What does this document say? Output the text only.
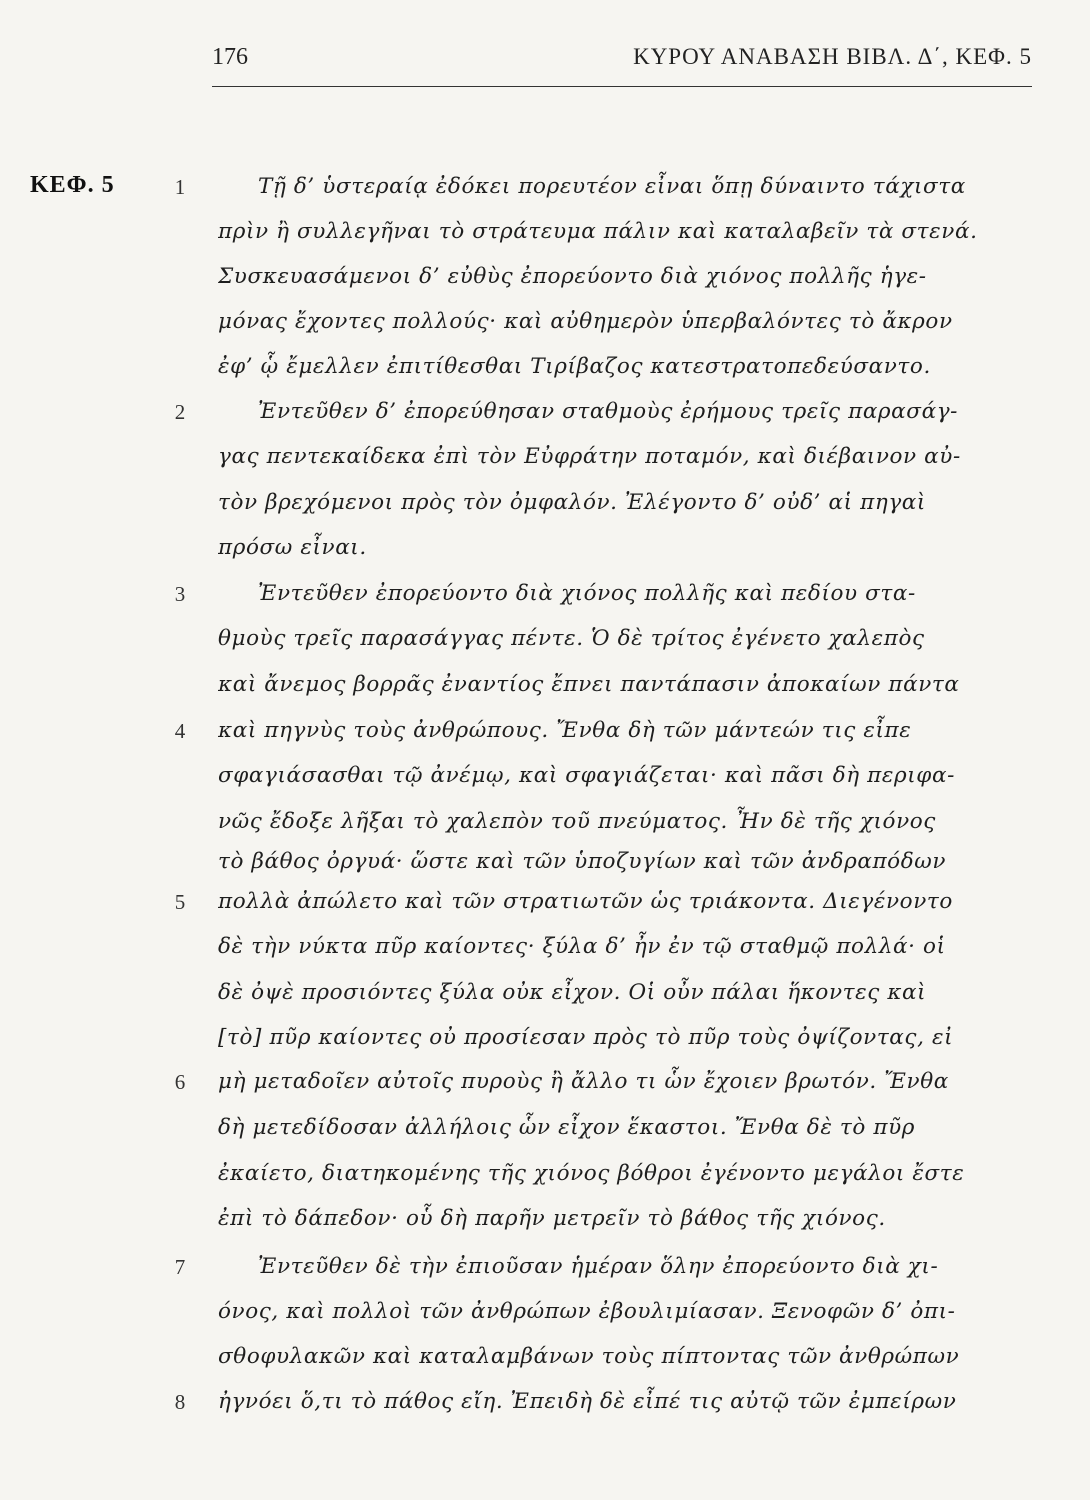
176	ΚΥΡΟΥ ΑΝΑΒΑΣΗ ΒΙΒΛ. Δ΄, ΚΕΦ. 5
ΚΕΦ. 5	1
2
3
4
5
6
7
8
Τῇ δ’ ὑστεραίᾳ ἐδόκει πορευτέον εἶναι ὅπῃ δύναιντο τάχιστα
πρὶν ἢ συλλεγῆναι τὸ στράτευμα πάλιν καὶ καταλαβεῖν τὰ στενά.
Συσκευασάμενοι δ’ εὐθὺς ἐπορεύοντο διὰ χιόνος πολλῆς ἡγε-
μόνας ἔχοντες πολλούς· καὶ αὐθημερὸν ὑπερβαλόντες τὸ ἄκρον
ἐφ’ ᾧ ἔμελλεν ἐπιτίθεσθαι Τιρίβαζος κατεστρατοπεδεύσαντο.
Ἐντεῦθεν δ’ ἐπορεύθησαν σταθμοὺς ἐρήμους τρεῖς παρασάγ-
γας πεντεκαίδεκα ἐπὶ τὸν Εὐφράτην ποταμόν, καὶ διέβαινον αὐ-
τὸν βρεχόμενοι πρὸς τὸν ὀμφαλόν. Ἐλέγοντο δ’ οὐδ’ αἱ πηγαὶ
πρόσω εἶναι.
Ἐντεῦθεν ἐπορεύοντο διὰ χιόνος πολλῆς καὶ πεδίου στα-
θμοὺς τρεῖς παρασάγγας πέντε. Ὁ δὲ τρίτος ἐγένετο χαλεπὸς
καὶ ἄνεμος βορρᾶς ἐναντίος ἔπνει παντάπασιν ἀποκαίων πάντα
καὶ πηγνὺς τοὺς ἀνθρώπους. Ἔνθα δὴ τῶν μάντεών τις εἶπε
σφαγιάσασθαι τῷ ἀνέμῳ, καὶ σφαγιάζεται· καὶ πᾶσι δὴ περιφα-
νῶς ἔδοξε λῆξαι τὸ χαλεπὸν τοῦ πνεύματος. Ἦν δὲ τῆς χιόνος
τὸ βάθος ὀργυά· ὥστε καὶ τῶν ὑποζυγίων καὶ τῶν ἀνδραπόδων
πολλὰ ἀπώλετο καὶ τῶν στρατιωτῶν ὡς τριάκοντα. Διεγένοντο
δὲ τὴν νύκτα πῦρ καίοντες· ξύλα δ’ ἦν ἐν τῷ σταθμῷ πολλά· οἱ
δὲ ὀψὲ προσιόντες ξύλα οὐκ εἶχον. Οἱ οὖν πάλαι ἥκοντες καὶ
[τὸ] πῦρ καίοντες οὐ προσίεσαν πρὸς τὸ πῦρ τοὺς ὀψίζοντας, εἰ
μὴ μεταδοῖεν αὐτοῖς πυροὺς ἢ ἄλλο τι ὧν ἔχοιεν βρωτόν. Ἔνθα
δὴ μετεδίδοσαν ἀλλήλοις ὧν εἶχον ἕκαστοι. Ἔνθα δὲ τὸ πῦρ
ἐκαίετο, διατηκομένης τῆς χιόνος βόθροι ἐγένοντο μεγάλοι ἔστε
ἐπὶ τὸ δάπεδον· οὗ δὴ παρῆν μετρεῖν τὸ βάθος τῆς χιόνος.
Ἐντεῦθεν δὲ τὴν ἐπιοῦσαν ἡμέραν ὅλην ἐπορεύοντο διὰ χι-
όνος, καὶ πολλοὶ τῶν ἀνθρώπων ἐβουλιμίασαν. Ξενοφῶν δ’ ὀπι-
σθοφυλακῶν καὶ καταλαμβάνων τοὺς πίπτοντας τῶν ἀνθρώπων
ἠγνόει ὅ,τι τὸ πάθος εἴη. Ἐπειδὴ δὲ εἶπέ τις αὐτῷ τῶν ἐμπείρων
